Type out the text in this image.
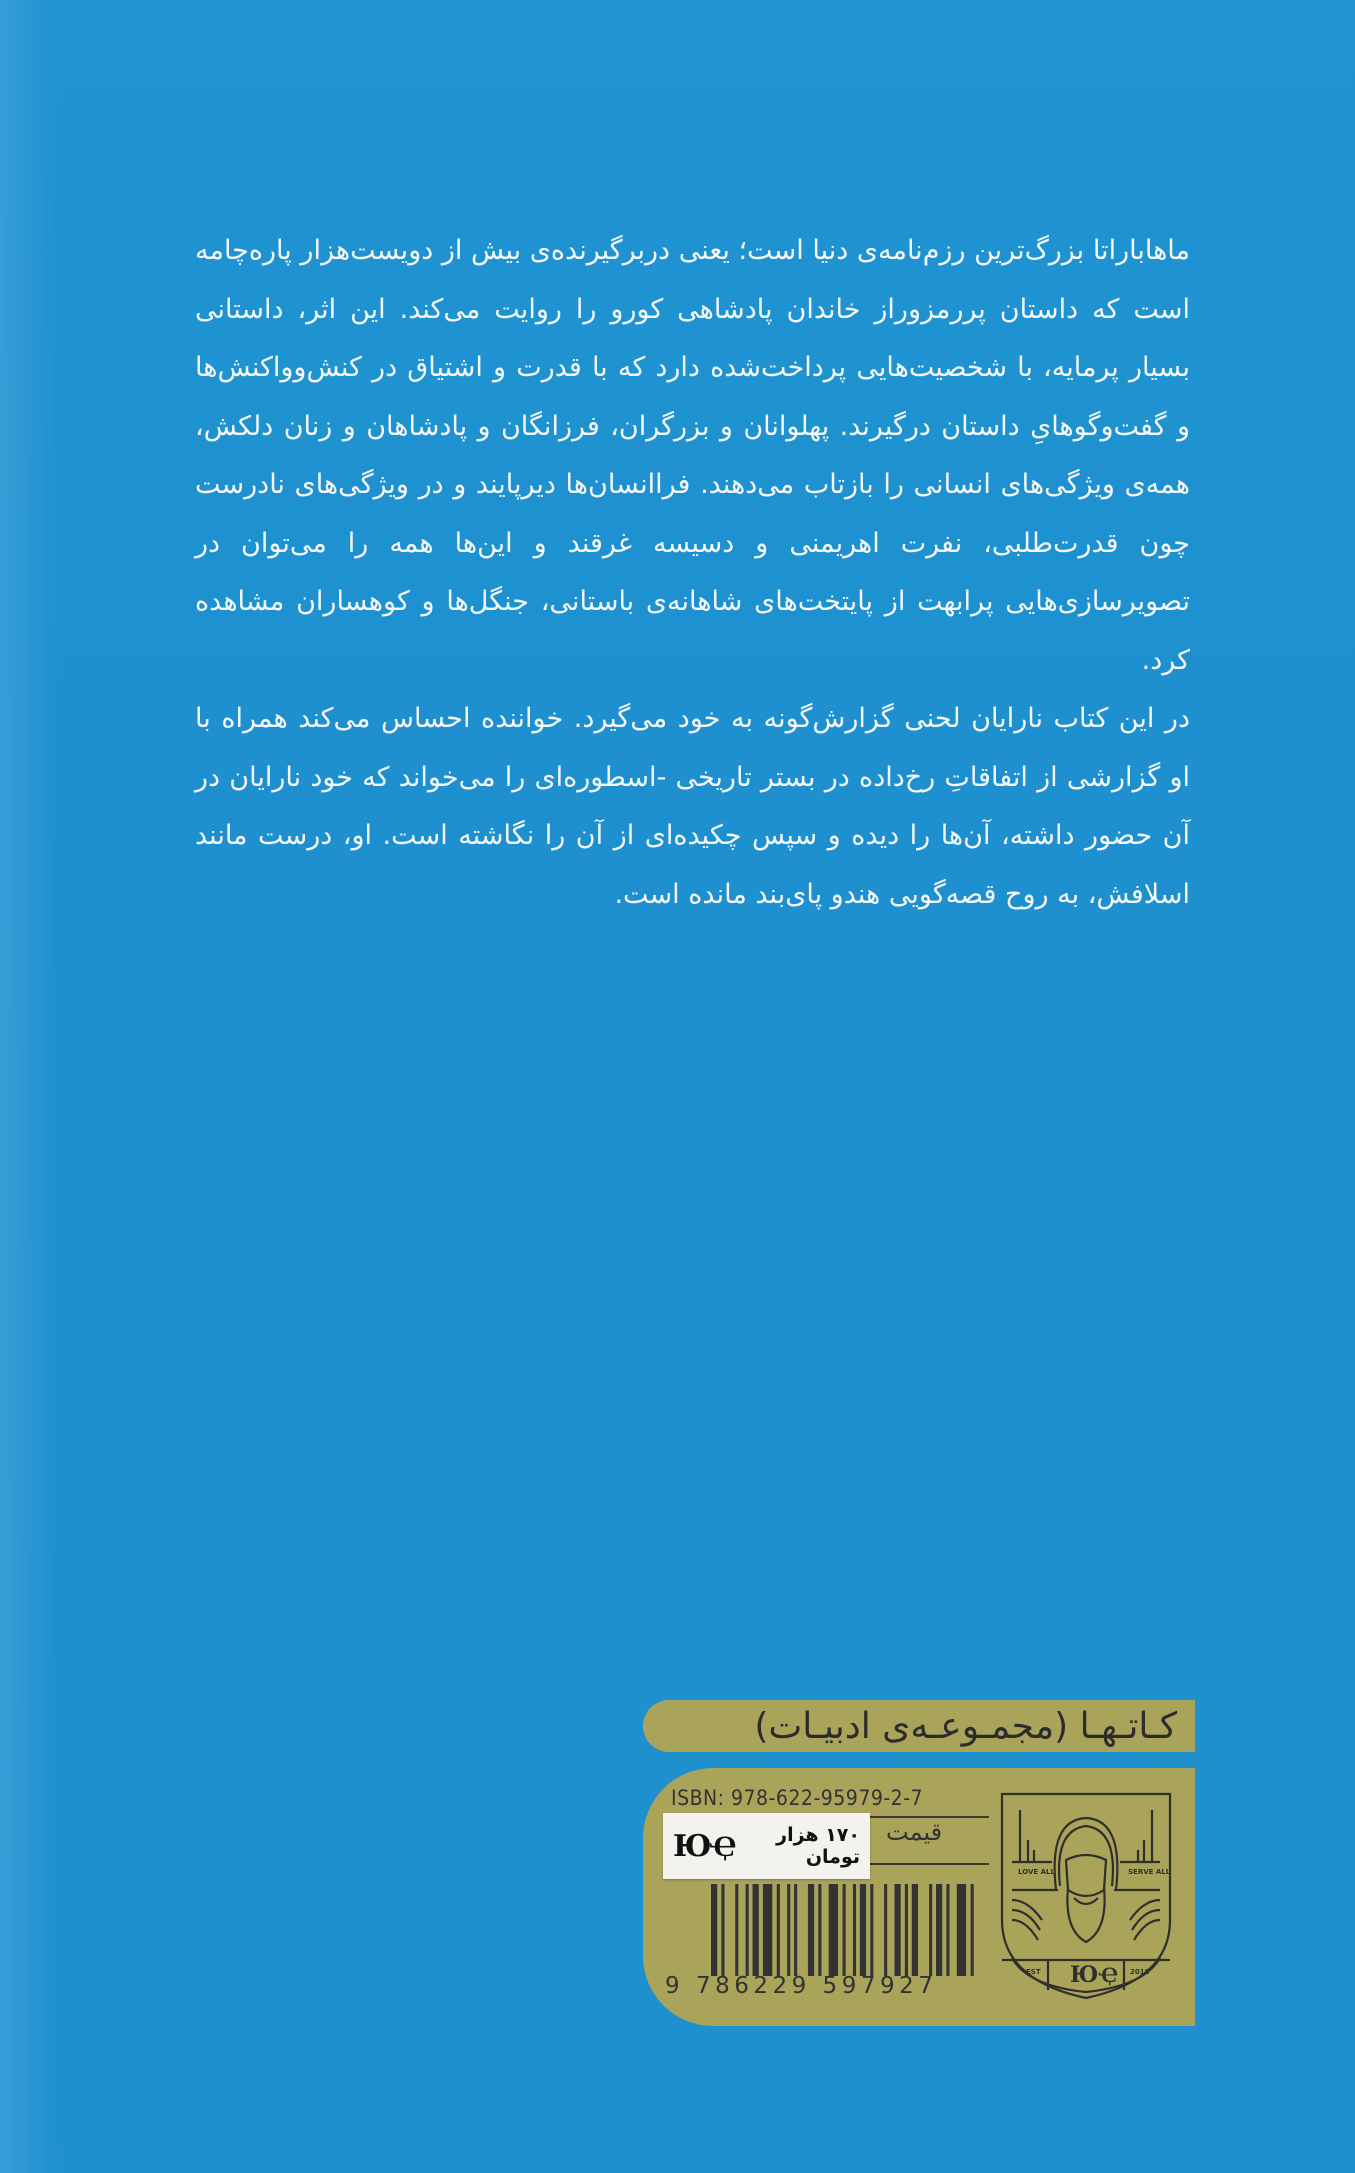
ماهاباراتا بزرگ‌ترین رزم‌نامه‌ی دنیا است؛ یعنی دربرگیرنده‌ی بیش از دویست‌هزار پاره‌چامه است که داستان پررمزوراز خاندان پادشاهی کورو را روایت می‌کند. این اثر، داستانی بسیار پرمایه، با شخصیت‌هایی پرداخت‌شده دارد که با قدرت و اشتیاق در کنش‌وواکنش‌ها و گفت‌وگوهایِ داستان درگیرند. پهلوانان و بزرگران، فرزانگان و پادشاهان و زنان دلکش، همه‌ی ویژگی‌های انسانی را بازتاب می‌دهند. فراانسان‌ها دیرپایند و در ویژگی‌های نادرست چون قدرت‌طلبی، نفرت اهریمنی و دسیسه غرقند و این‌ها همه را می‌توان در تصویرسازی‌هایی پرابهت از پایتخت‌های شاهانه‌ی باستانی، جنگل‌ها و کوهساران مشاهده کرد.

در این کتاب نارایان لحنی گزارش‌گونه به خود می‌گیرد. خواننده احساس می‌کند همراه با او گزارشی از اتفاقاتِ رخ‌داده در بستر تاریخی -اسطوره‌ای را می‌خواند که خود نارایان در آن حضور داشته، آن‌ها را دیده و سپس چکیده‌ای از آن را نگاشته است. او، درست مانند اسلافش، به روح قصه‌گویی هندو پای‌بند مانده است.

کـاتـهـا (مجمـوعـه‌ی ادبیـات)
ISBN: 978-622-95979-2-7
قیمت
ЮҾ	۱۷۰ هزار تومان
9 786229 597927
LOVE ALL	SERVE ALL
EST	2018
ЮҾ
